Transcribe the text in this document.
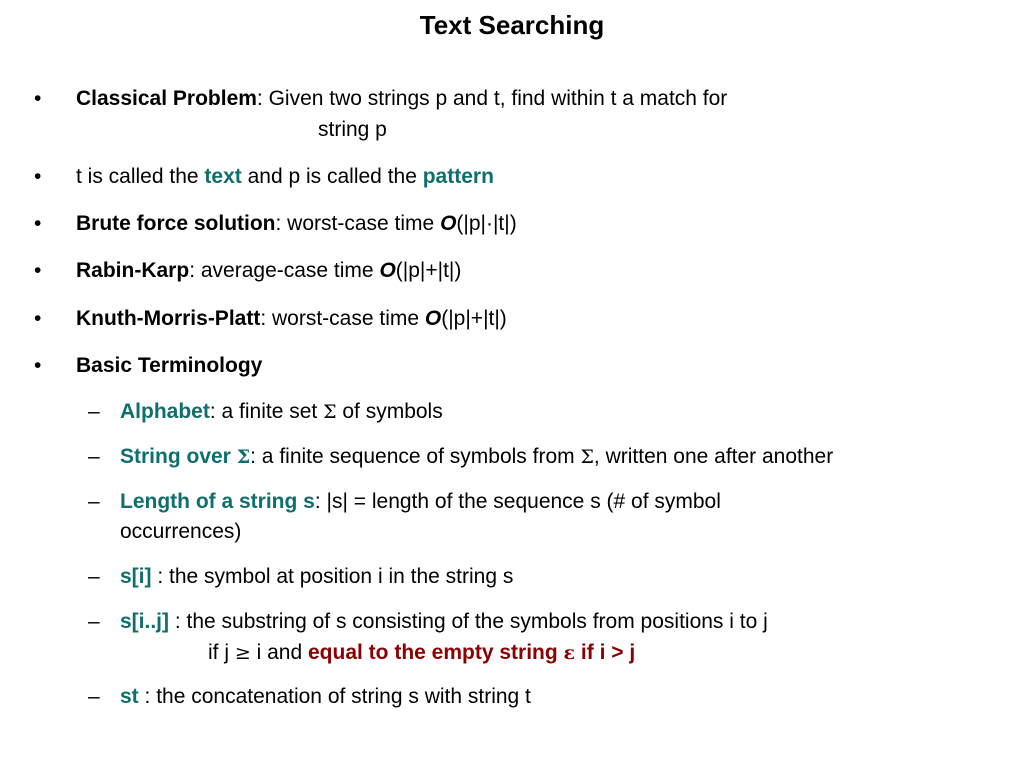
Text Searching
• Classical Problem: Given two strings p and t, find within t a match for
string p
• t is called the text and p is called the pattern
• Brute force solution: worst-case time O(|p|·|t|)
• Rabin-Karp: average-case time O(|p|+|t|)
• Knuth-Morris-Platt: worst-case time O(|p|+|t|)
• Basic Terminology
– Alphabet: a finite set Σ of symbols
– String over Σ: a finite sequence of symbols from Σ, written one after another
– Length of a string s: |s| = length of the sequence s (# of symbol
occurrences)
– s[i] : the symbol at position i in the string s
– s[i..j] : the substring of s consisting of the symbols from positions i to j
if j ≥ i and equal to the empty string ε if i > j
– st : the concatenation of string s with string t
